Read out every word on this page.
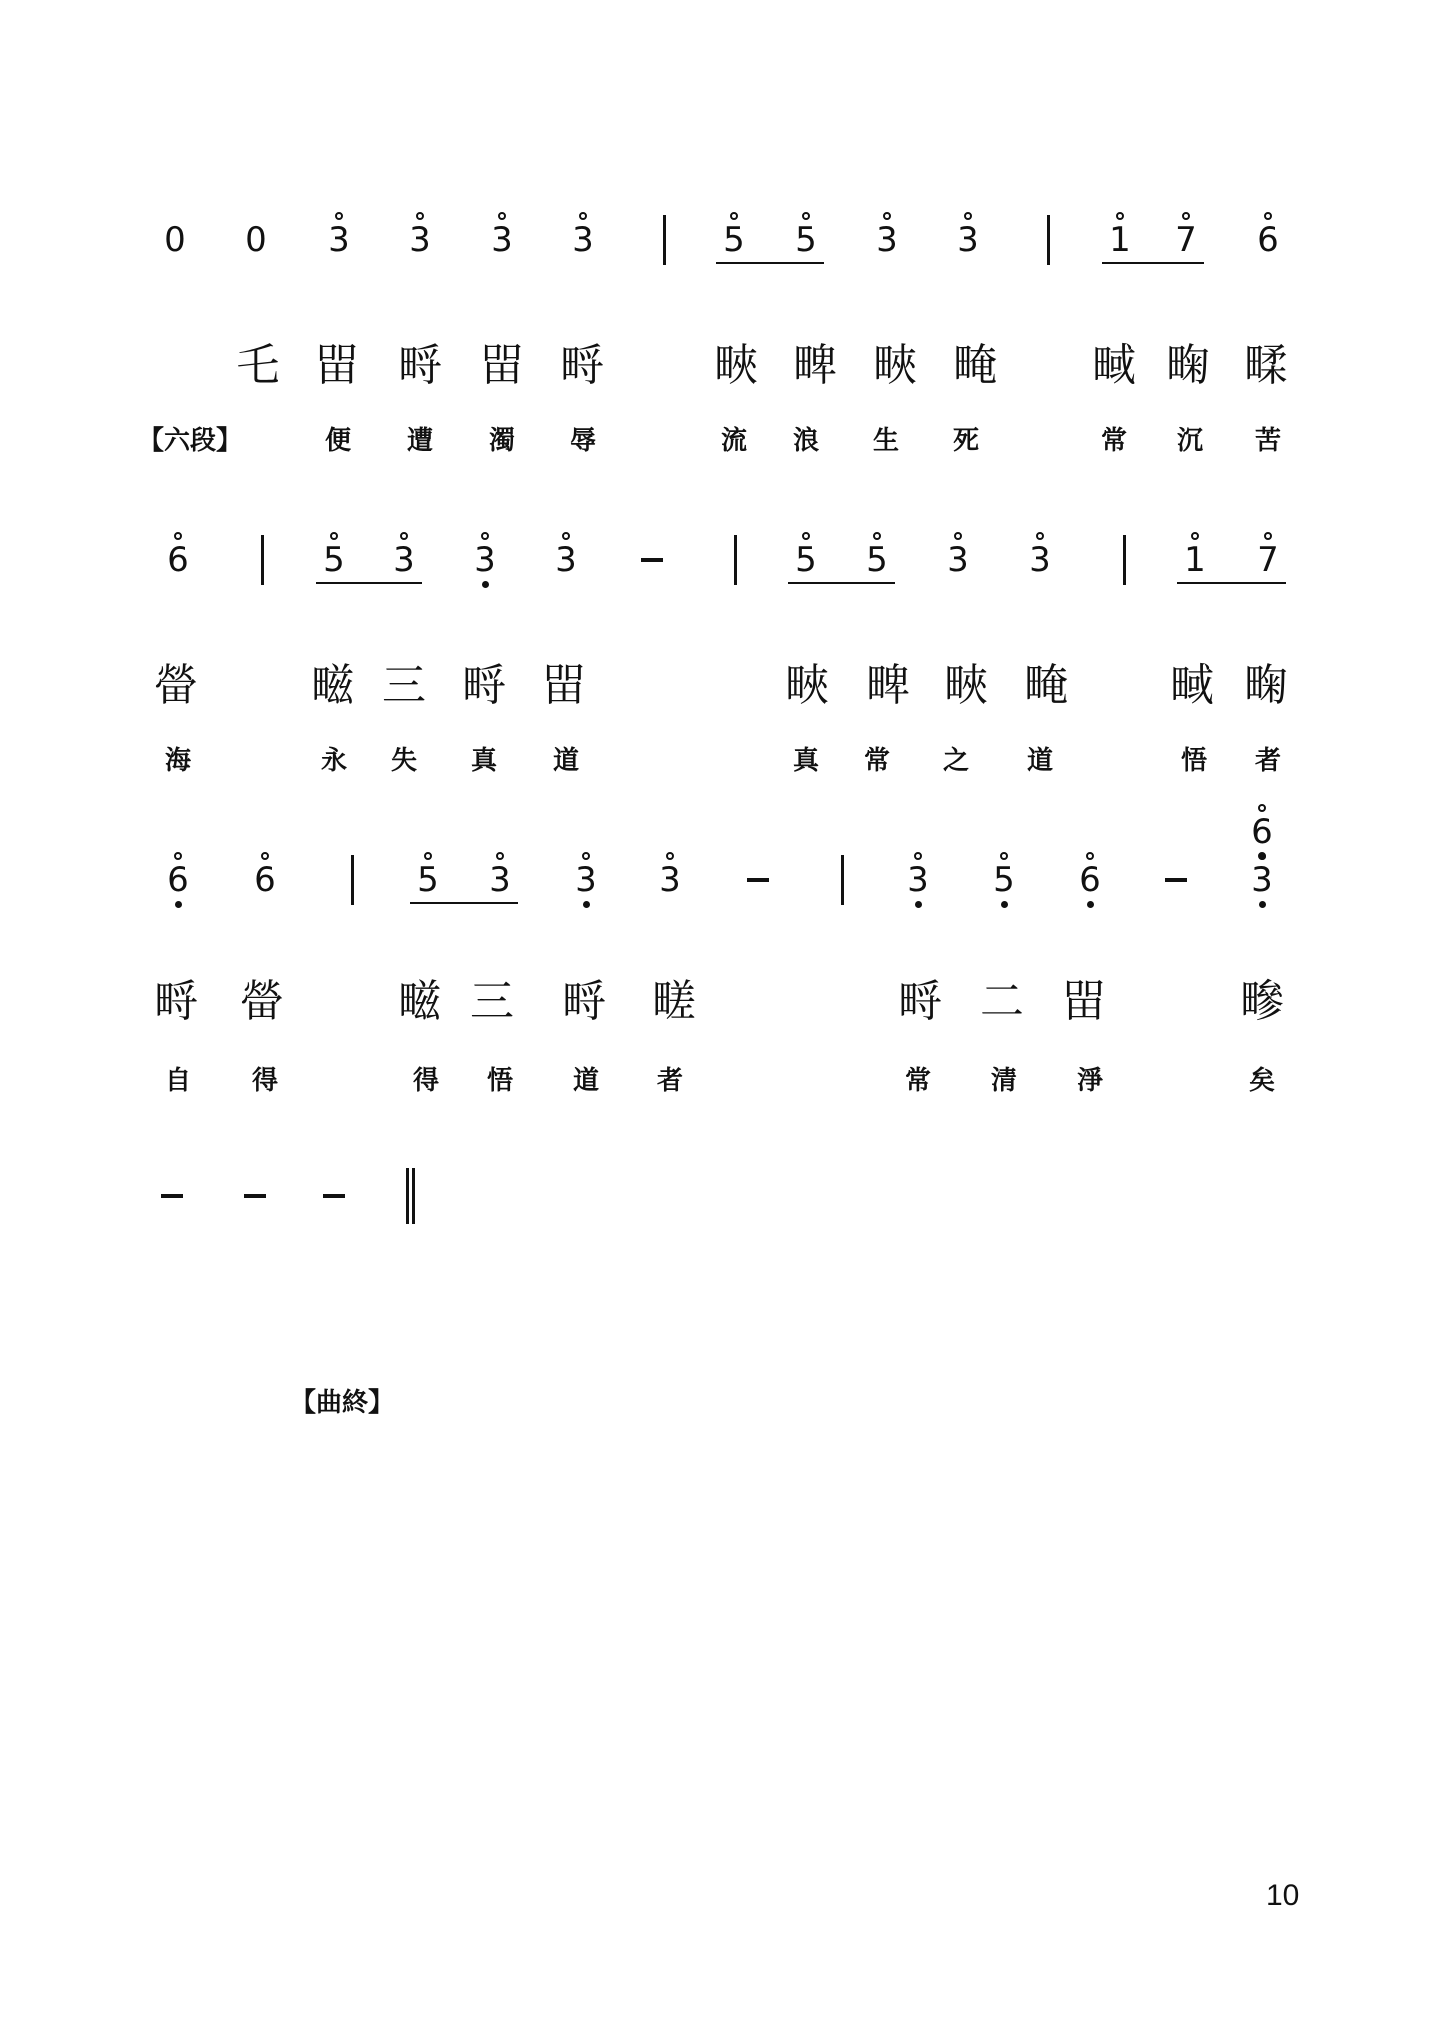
【六段】
【曲終】
10
0 0 3 3 3 3	5 5 3 3	1 7 6
乇 㽞 㽟 㽞 㽟	㽠 㽡 㽠 㽢 㽣 㽤 㽥
便	遭	濁	辱	流	浪	生	死	常	沉	苦
6	5 3 3 3	5 5 3 3	1 7
㽦	㽧 三 㽟 㽞	㽠 㽡 㽠 㽢 㽣 㽤
海	永	失	真	道	真	常	之	道	悟	者
6 6	5 3 3 3	3 5 6
6
3
㽟 㽦	㽧 三 㽟 㽨	㽟 二 㽞	㽩
自	得	得	悟	道	者	常	清	淨	矣
